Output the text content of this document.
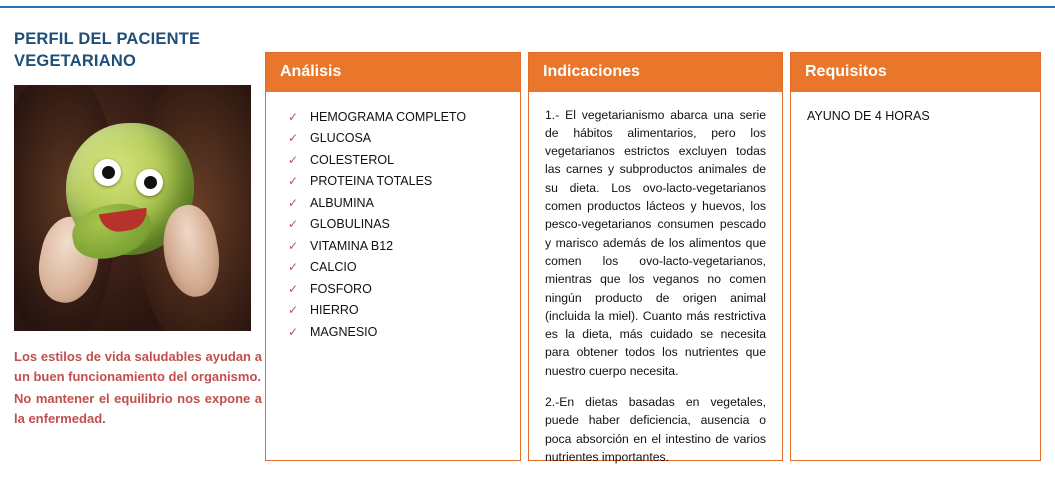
PERFIL DEL PACIENTE
VEGETARIANO

Los estilos de vida saludables ayudan a un buen funcionamiento del organismo.

No mantener el equilibrio nos expone a la enfermedad.

Análisis
✓ HEMOGRAMA COMPLETO
✓ GLUCOSA
✓ COLESTEROL
✓ PROTEINA TOTALES
✓ ALBUMINA
✓ GLOBULINAS
✓ VITAMINA B12
✓ CALCIO
✓ FOSFORO
✓ HIERRO
✓ MAGNESIO
Indicaciones

1.- El vegetarianismo abarca una serie de hábitos alimentarios, pero los vegetarianos estrictos excluyen todas las carnes y subproductos animales de su dieta. Los ovo-lacto-vegetarianos comen productos lácteos y huevos, los pesco-vegetarianos consumen pescado y marisco además de los alimentos que comen los ovo-lacto-vegetarianos, mientras que los veganos no comen ningún producto de origen animal (incluida la miel). Cuanto más restrictiva es la dieta, más cuidado se necesita para obtener todos los nutrientes que nuestro cuerpo necesita.

2.-En dietas basadas en vegetales, puede haber deficiencia, ausencia o poca absorción en el intestino de varios nutrientes importantes.

Requisitos
AYUNO DE 4 HORAS
